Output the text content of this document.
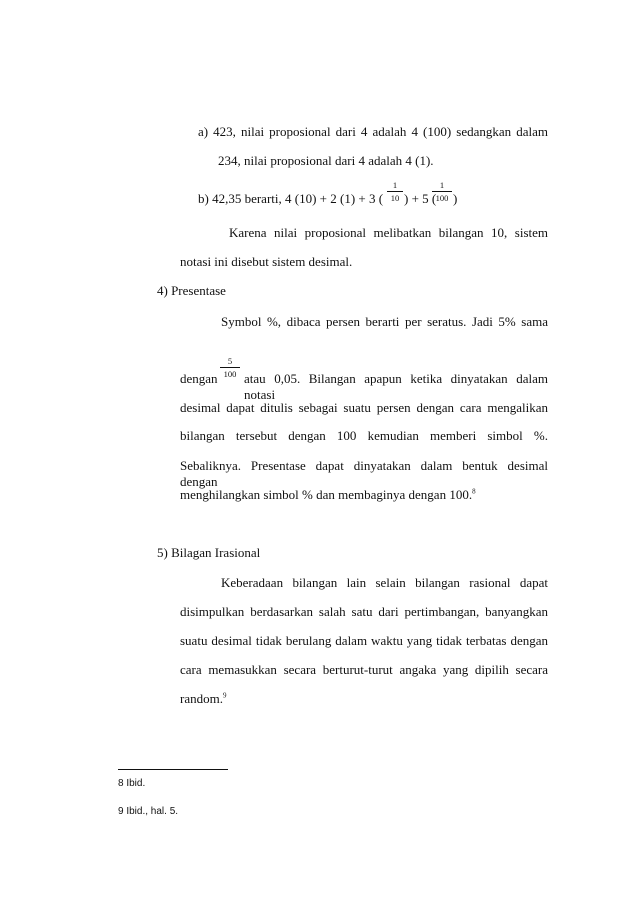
a) 423, nilai proposional dari 4 adalah 4 (100) sedangkan dalam
234, nilai proposional dari 4 adalah 4 (1).
1
10
1
100
b) 42,35 berarti, 4 (10) + 2 (1) + 3 ( ) + 5 ( )
Karena nilai proposional melibatkan bilangan 10, sistem
notasi ini disebut sistem desimal.
4) Presentase
Symbol %, dibaca persen berarti per seratus. Jadi 5% sama
5
100
dengan atau 0,05. Bilangan apapun ketika dinyatakan dalam notasi
desimal dapat ditulis sebagai suatu persen dengan cara mengalikan
bilangan tersebut dengan 100 kemudian memberi simbol %.
Sebaliknya. Presentase dapat dinyatakan dalam bentuk desimal dengan
menghilangkan simbol % dan membaginya dengan 100.$^8$
5) Bilagan Irasional
Keberadaan bilangan lain selain bilangan rasional dapat
disimpulkan berdasarkan salah satu dari pertimbangan, banyangkan
suatu desimal tidak berulang dalam waktu yang tidak terbatas dengan
cara memasukkan secara berturut-turut angaka yang dipilih secara
random.$^9$
8 Ibid.
9 Ibid., hal. 5.
